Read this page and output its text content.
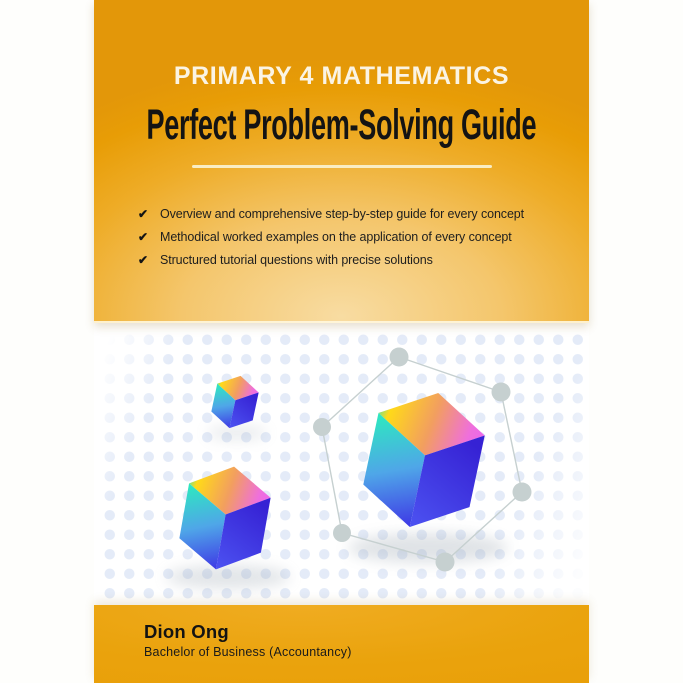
PRIMARY 4 MATHEMATICS
Perfect Problem-Solving Guide
✔ Overview and comprehensive step-by-step guide for every concept
✔ Methodical worked examples on the application of every concept
✔ Structured tutorial questions with precise solutions
Dion Ong
Bachelor of Business (Accountancy)
